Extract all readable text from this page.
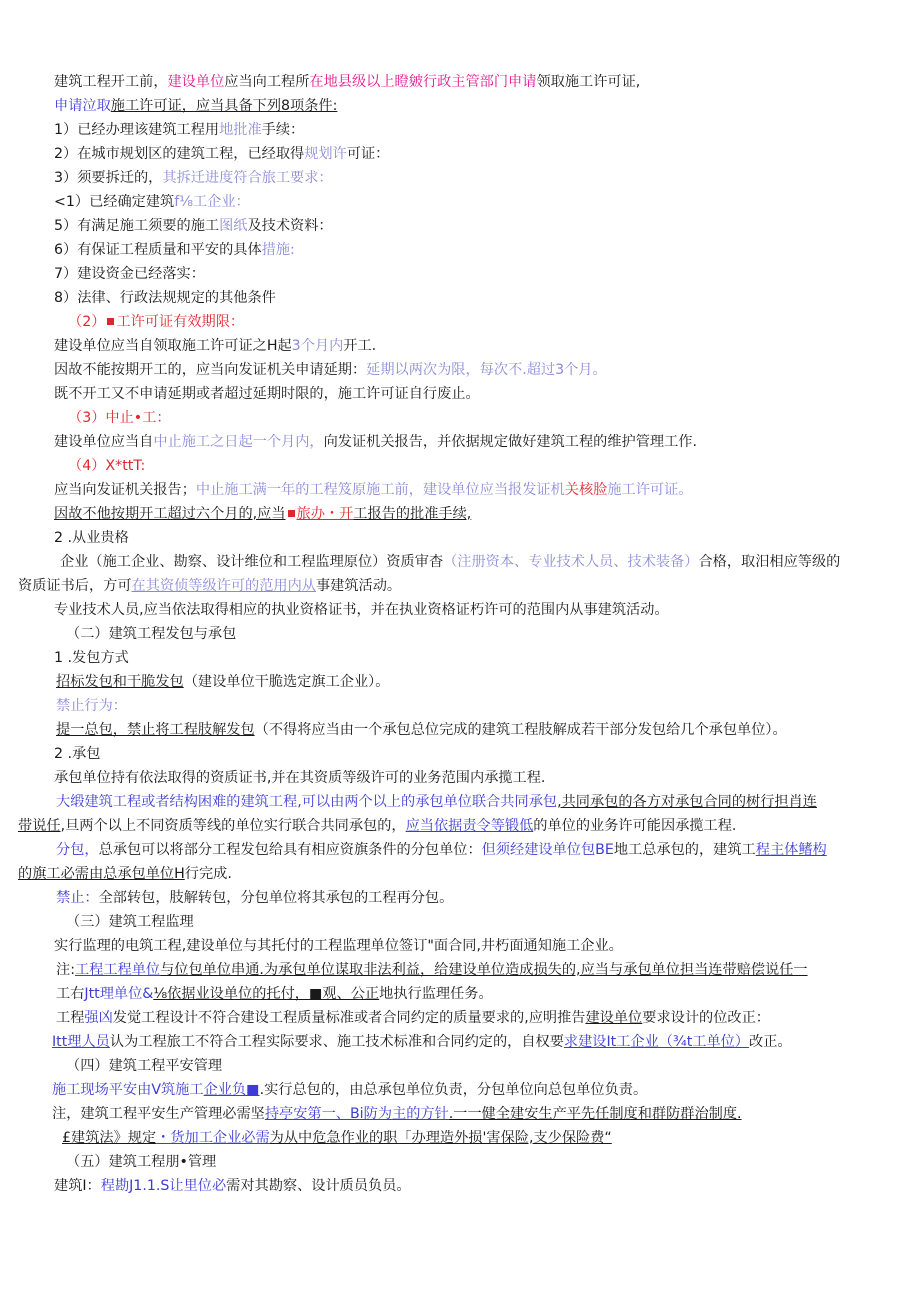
建筑工程开工前，建设单位应当向工程所在地县级以上瞪皴行政主管部门申请领取施工许可证,
申请泣取施工许可证，应当具备下列8项条件:
1）已经办理该建筑工程用地批准手续：
2）在城市规划区的建筑工程，已经取得规划许可证：
3）须要拆迁的，其拆迁进度符合旅工要求：
<1）已经确定建筑f⅛工企业：
5）有满足施工须要的施工图纸及技术资料：
6）有保证工程质量和平安的具体措施:
7）建设资金已经落实：
8）法律、行政法规规定的其他条件
（2） 工许可证有效期限：
建设单位应当自领取施工许可证之H起3个月内开工.
因故不能按期开工的，应当向发证机关申请延期：延期以两次为限，每次不.超过3个月。
既不开工又不申请延期或者超过延期时限的，施工许可证自行废止。
（3）中止•工：
建设单位应当自中止施工之日起一个月内，向发证机关报告，并依据规定做好建筑工程的维护管理工作.
（4）X*ttT:
应当向发证机关报告；中止施工满一年的工程笈原施工前，建设单位应当报发证机关核脸施工许可证。
因故不他按期开工超过六个月的,应当 旅办・开工报告的批准手续,
2 .从业贵格
企业（施工企业、勘察、设计维位和工程监理原位）资质审杳（注册资本、专业技术人员、技术装备）合格，取汨相应等级的
资质证书后，方可在其资侦等级许可的范用内从事建筑活动。
专业技术人员,应当依法取得相应的执业资格证书，并在执业资格证朽许可的范围内从事建筑活动。
（二）建筑工程发包与承包
1 .发包方式
招标发包和干脆发包（建设单位干脆选定旗工企业）。
禁止行为：
提一总包，禁止将工程肢解发包（不得将应当由一个承包总位完成的建筑工程肢解成若干部分发包给几个承包单位）。
2 .承包
承包单位持有依法取得的资质证书,并在其资质等级许可的业务范围内承揽工程.
大缎建筑工程或者结构困难的建筑工程,可以由两个以上的承包单位联合共同承包,共同承包的各方对承包合同的树行担肖连
带说任,旦两个以上不同资质等线的单位实行联合共同承包的，应当依据责令等锻低的单位的业务许可能因承揽工程.
分包，总承包可以将部分工程发包给具有相应资旗条件的分包单位：但须经建设单位包BE地工总承包的，建筑工程主体鳍构
的旗工必需由总承包单位H行完成.
禁止：全部转包，肢解转包，分包单位将其承包的工程再分包。
（三）建筑工程监理
实行监理的电筑工程,建设单位与其托付的工程监理单位签订"面合同,井朽面通知施工企业。
注:工程工程单位与位包单位串通.为承包单位谋取非法利益，给建设单位造成损失的,应当与承包单位担当连带赔偿说任一
工右Jtt理单位&⅛依据业设单位的托付，■观、公正地执行监理任务。
工程强凶发觉工程设计不符合建设工程质量标准或者合同约定的质量要求的,应明推告建设单位要求设计的位改正：
Itt理人员认为工程旅工不符合工程实际要求、施工技术标准和合同约定的，自权要求建设It工企业（¾t工单位）改正。
（四）建筑工程平安管理
施工现场平安由V筑施工企业负■.实行总包的，由总承包单位负责，分包单位向总包单位负责。
注，建筑工程平安生产管理必需坚持亭安第一、Bi防为主的方针.一一健全建安生产平先任制度和群防群治制度.
£建筑法》规定・货加工企业必需为从中危急作业的职「办理造外损'害保险,支少保险费“
（五）建筑工程朋•管理
建筑I：程勘J1.1.S让里位必需对其勘察、设计质员负员。
